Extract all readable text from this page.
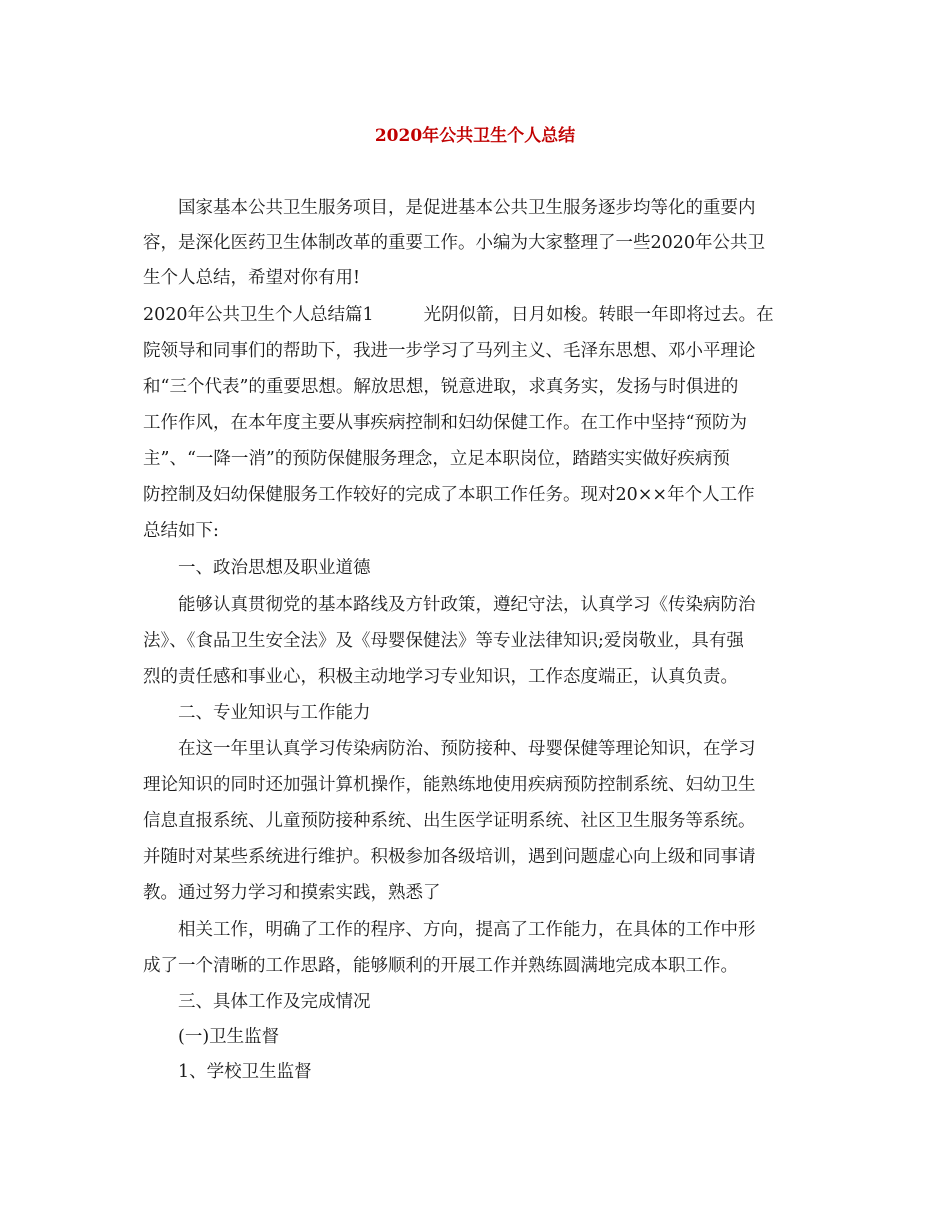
2020年公共卫生个人总结
　　国家基本公共卫生服务项目，是促进基本公共卫生服务逐步均等化的重要内
容，是深化医药卫生体制改革的重要工作。小编为大家整理了一些2020年公共卫
生个人总结，希望对你有用!
2020年公共卫生个人总结篇1	光阴似箭，日月如梭。转眼一年即将过去。在
院领导和同事们的帮助下，我进一步学习了马列主义、毛泽东思想、邓小平理论
和“三个代表”的重要思想。解放思想，锐意进取，求真务实，发扬与时俱进的
工作作风，在本年度主要从事疾病控制和妇幼保健工作。在工作中坚持“预防为
主”、“一降一消”的预防保健服务理念，立足本职岗位，踏踏实实做好疾病预
防控制及妇幼保健服务工作较好的完成了本职工作任务。现对20××年个人工作
总结如下:
　　一、政治思想及职业道德
　　能够认真贯彻党的基本路线及方针政策，遵纪守法，认真学习《传染病防治
法》、《食品卫生安全法》及《母婴保健法》等专业法律知识;爱岗敬业，具有强
烈的责任感和事业心，积极主动地学习专业知识，工作态度端正，认真负责。
　　二、专业知识与工作能力
　　在这一年里认真学习传染病防治、预防接种、母婴保健等理论知识，在学习
理论知识的同时还加强计算机操作，能熟练地使用疾病预防控制系统、妇幼卫生
信息直报系统、儿童预防接种系统、出生医学证明系统、社区卫生服务等系统。
并随时对某些系统进行维护。积极参加各级培训，遇到问题虚心向上级和同事请
教。通过努力学习和摸索实践，熟悉了
　　相关工作，明确了工作的程序、方向，提高了工作能力，在具体的工作中形
成了一个清晰的工作思路，能够顺利的开展工作并熟练圆满地完成本职工作。
　　三、具体工作及完成情况
　　(一)卫生监督
　　1、学校卫生监督
